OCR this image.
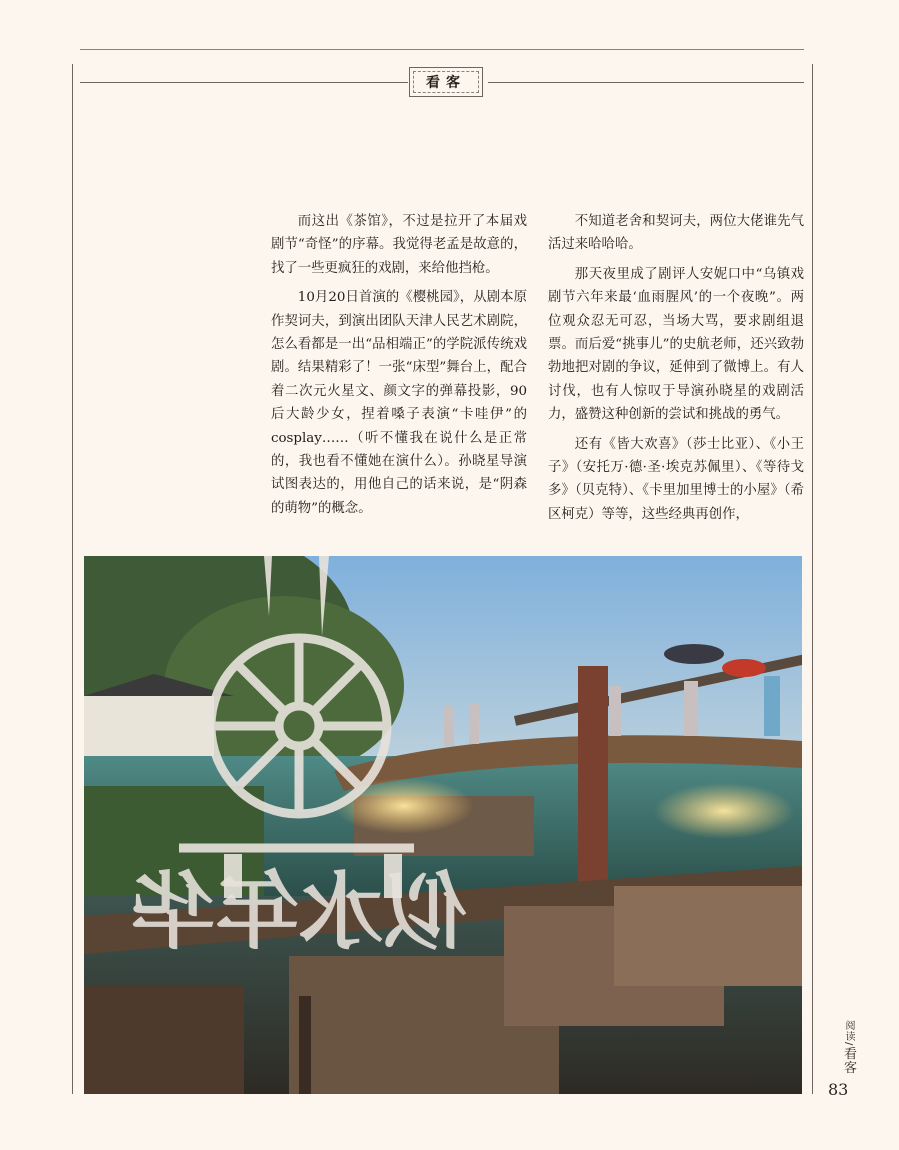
看客

而这出《茶馆》，不过是拉开了本届戏剧节“奇怪”的序幕。我觉得老孟是故意的，找了一些更疯狂的戏剧，来给他挡枪。

10月20日首演的《樱桃园》，从剧本原作契诃夫，到演出团队天津人民艺术剧院，怎么看都是一出“品相端正”的学院派传统戏剧。结果精彩了！一张“床型”舞台上，配合着二次元火星文、颜文字的弹幕投影，90后大龄少女，捏着嗓子表演“卡哇伊”的cosplay……（听不懂我在说什么是正常的，我也看不懂她在演什么）。孙晓星导演试图表达的，用他自己的话来说，是“阴森的萌物”的概念。

不知道老舍和契诃夫，两位大佬谁先气活过来哈哈哈。

那天夜里成了剧评人安妮口中“乌镇戏剧节六年来最‘血雨腥风’的一个夜晚”。两位观众忍无可忍，当场大骂，要求剧组退票。而后爱“挑事儿”的史航老师，还兴致勃勃地把对剧的争议，延伸到了微博上。有人讨伐，也有人惊叹于导演孙晓星的戏剧活力，盛赞这种创新的尝试和挑战的勇气。

还有《皆大欢喜》（莎士比亚）、《小王子》（安托万·德·圣·埃克苏佩里）、《等待戈多》（贝克特）、《卡里加里博士的小屋》（希区柯克）等等，这些经典再创作，

似水年华
阅读/看客
83
